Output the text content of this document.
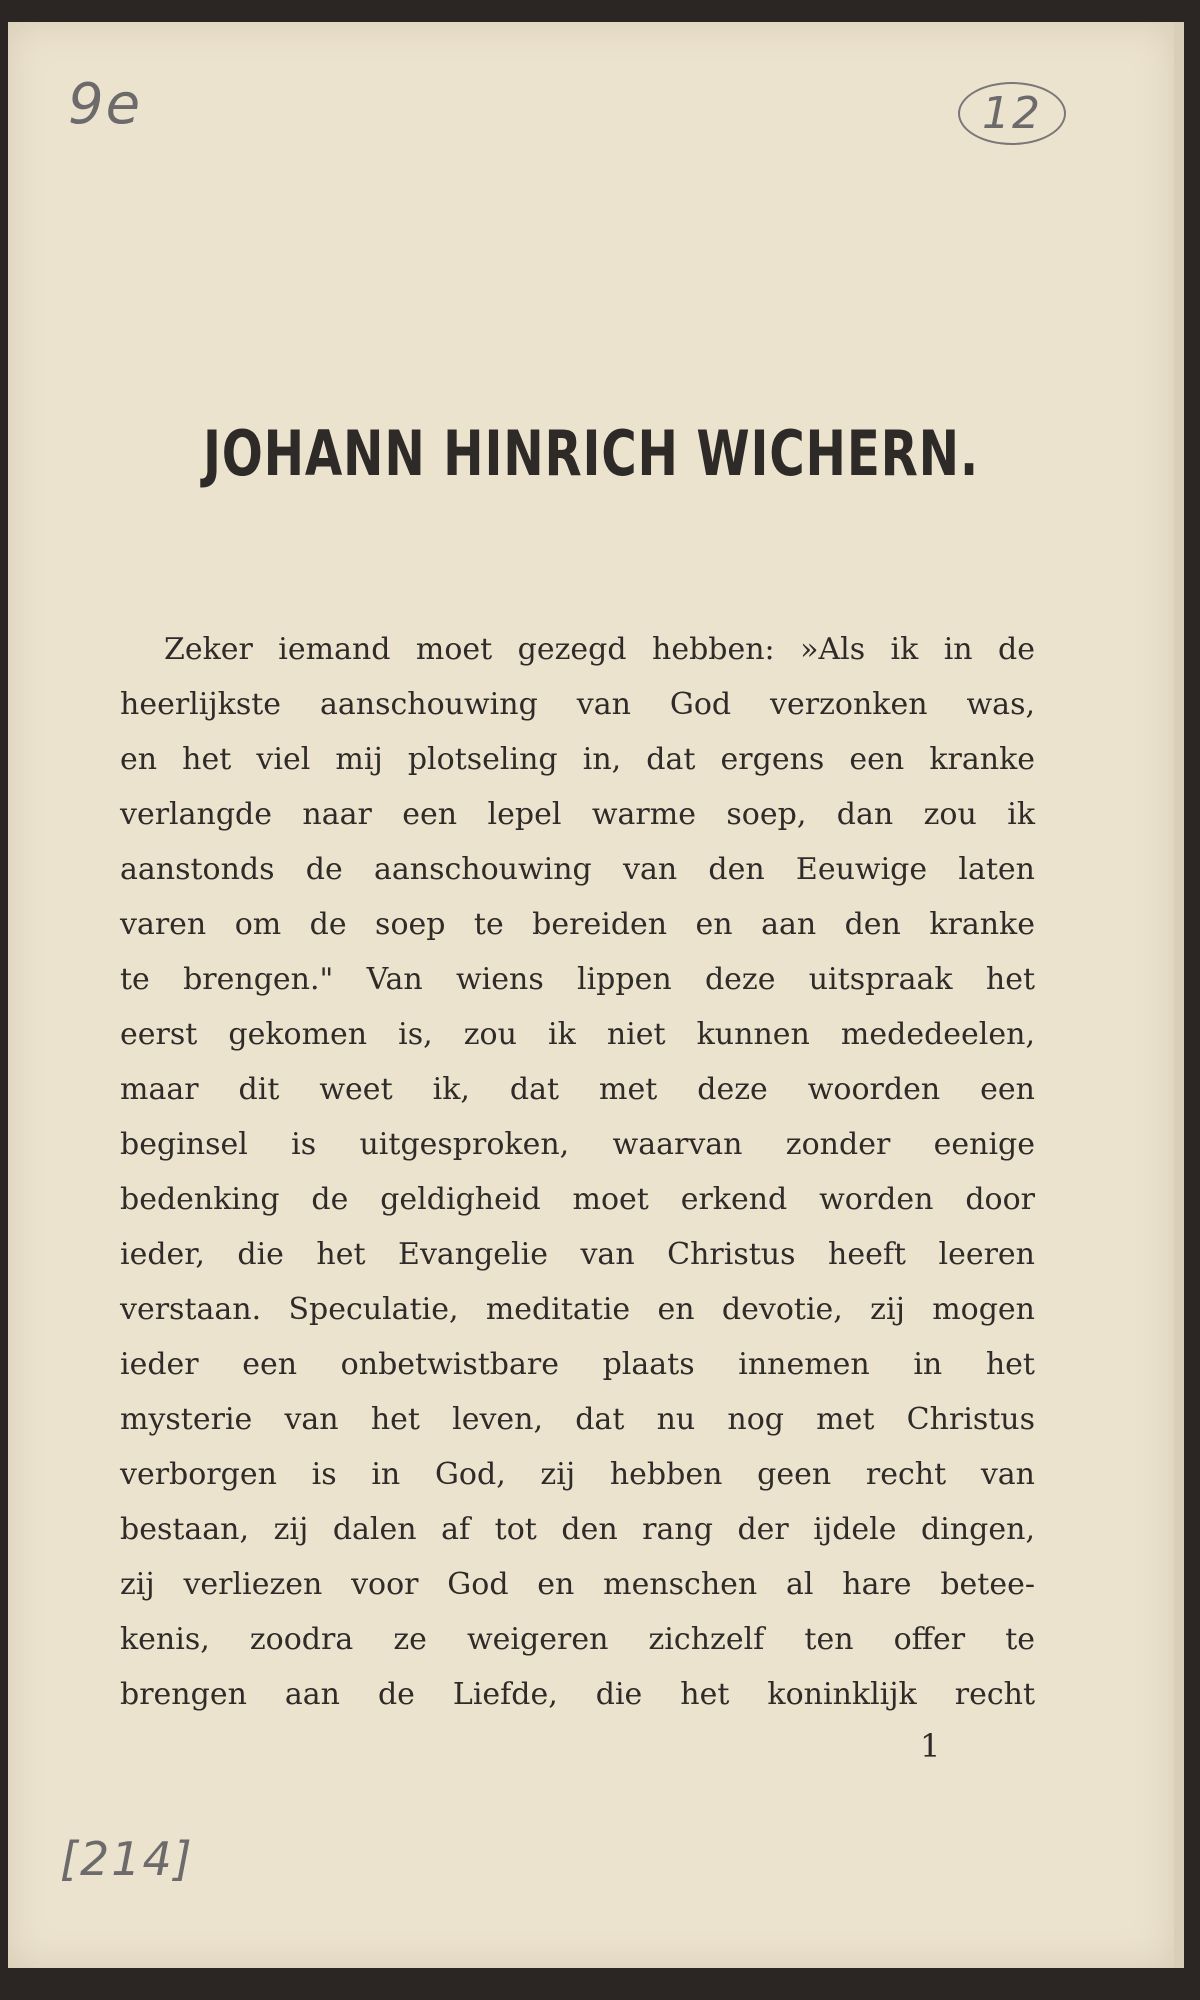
9e	12
JOHANN HINRICH WICHERN.
Zeker iemand moet gezegd hebben: »Als ik in de
heerlijkste aanschouwing van God verzonken was,
en het viel mij plotseling in, dat ergens een kranke
verlangde naar een lepel warme soep, dan zou ik
aanstonds de aanschouwing van den Eeuwige laten
varen om de soep te bereiden en aan den kranke
te brengen." Van wiens lippen deze uitspraak het
eerst gekomen is, zou ik niet kunnen mededeelen,
maar dit weet ik, dat met deze woorden een
beginsel is uitgesproken, waarvan zonder eenige
bedenking de geldigheid moet erkend worden door
ieder, die het Evangelie van Christus heeft leeren
verstaan. Speculatie, meditatie en devotie, zij mogen
ieder een onbetwistbare plaats innemen in het
mysterie van het leven, dat nu nog met Christus
verborgen is in God, zij hebben geen recht van
bestaan, zij dalen af tot den rang der ijdele dingen,
zij verliezen voor God en menschen al hare betee-
kenis, zoodra ze weigeren zichzelf ten offer te
brengen aan de Liefde, die het koninklijk recht
1
[214]
